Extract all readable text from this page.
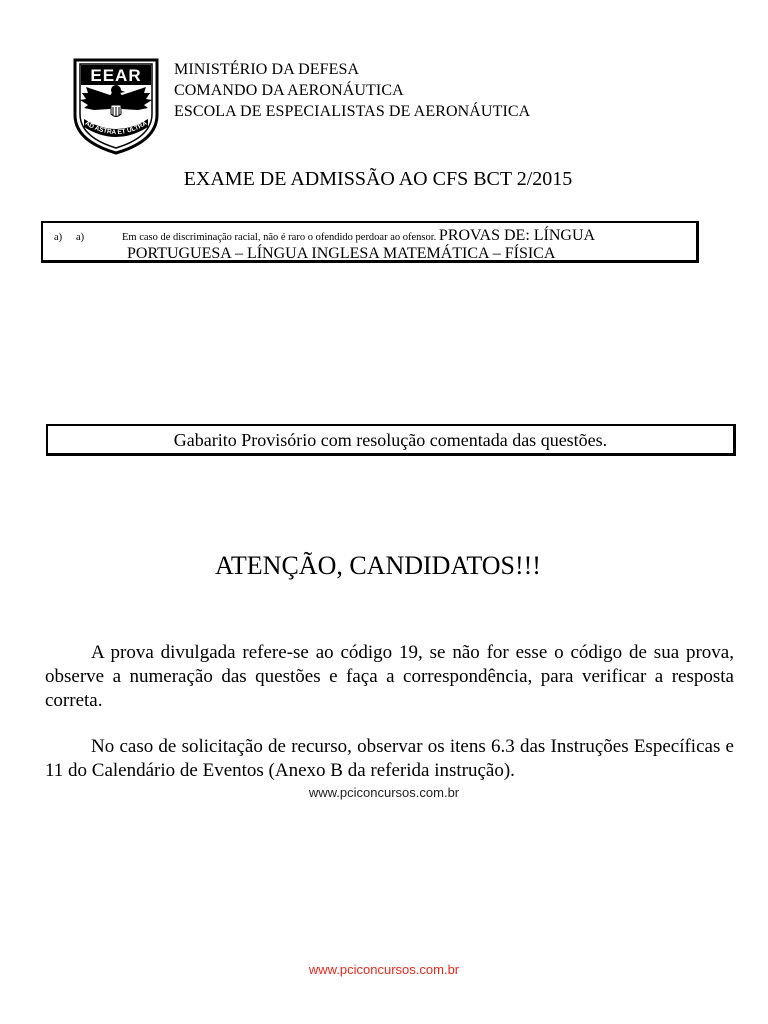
EEAR
AD ASTRA ET ULTRA
MINISTÉRIO DA DEFESA
COMANDO DA AERONÁUTICA
ESCOLA DE ESPECIALISTAS DE AERONÁUTICA
EXAME DE ADMISSÃO AO CFS BCT 2/2015
a) a)	Em caso de discriminação racial, não é raro o ofendido perdoar ao ofensor. PROVAS DE: LÍNGUA
PORTUGUESA – LÍNGUA INGLESA MATEMÁTICA – FÍSICA
Gabarito Provisório com resolução comentada das questões.
ATENÇÃO, CANDIDATOS!!!
A prova divulgada refere-se ao código 19, se não for esse o código de sua prova, observe a numeração das questões e faça a correspondência, para verificar a resposta correta.
No caso de solicitação de recurso, observar os itens 6.3 das Instruções Específicas e 11 do Calendário de Eventos (Anexo B da referida instrução).
www.pciconcursos.com.br
www.pciconcursos.com.br
